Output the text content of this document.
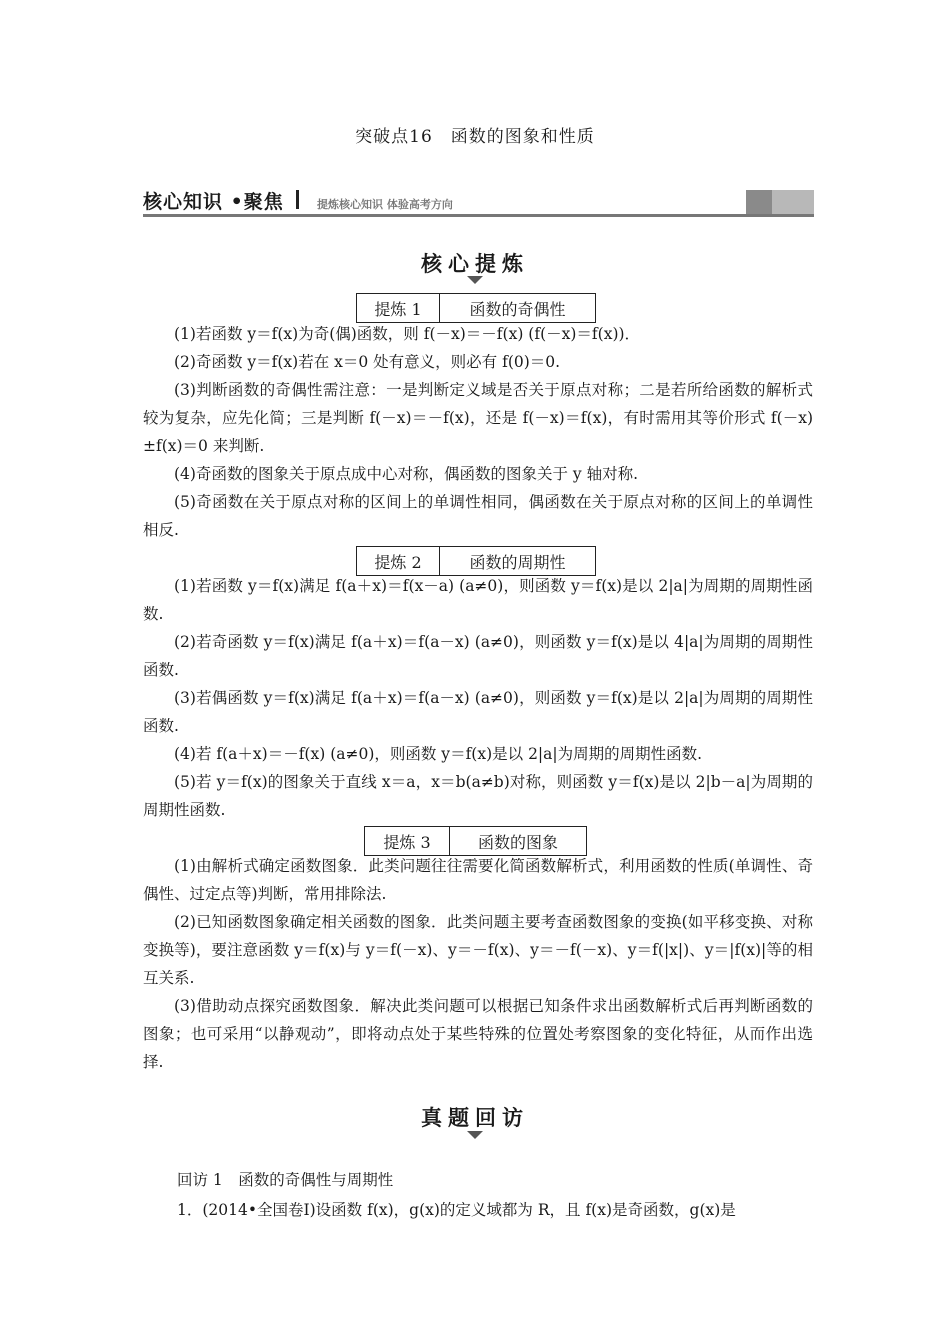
突破点16　函数的图象和性质
核心知识 •聚焦	提炼核心知识 体验高考方向
核心提炼
提炼 1	函数的奇偶性
(1)若函数 y＝f(x)为奇(偶)函数，则 f(－x)＝－f(x) (f(－x)＝f(x))．
(2)奇函数 y＝f(x)若在 x＝0 处有意义，则必有 f(0)＝0.
(3)判断函数的奇偶性需注意：一是判断定义域是否关于原点对称；二是若所给函数的解析式较为复杂，应先化简；三是判断 f(－x)＝－f(x)，还是 f(－x)＝f(x)，有时需用其等价形式 f(－x)±f(x)＝0 来判断.
(4)奇函数的图象关于原点成中心对称，偶函数的图象关于 y 轴对称.
(5)奇函数在关于原点对称的区间上的单调性相同，偶函数在关于原点对称的区间上的单调性相反.
提炼 2	函数的周期性
(1)若函数 y＝f(x)满足 f(a＋x)＝f(x－a) (a≠0)，则函数 y＝f(x)是以 2|a|为周期的周期性函数.
(2)若奇函数 y＝f(x)满足 f(a＋x)＝f(a－x) (a≠0)，则函数 y＝f(x)是以 4|a|为周期的周期性函数.
(3)若偶函数 y＝f(x)满足 f(a＋x)＝f(a－x) (a≠0)，则函数 y＝f(x)是以 2|a|为周期的周期性函数.
(4)若 f(a＋x)＝－f(x) (a≠0)，则函数 y＝f(x)是以 2|a|为周期的周期性函数.
(5)若 y＝f(x)的图象关于直线 x＝a，x＝b(a≠b)对称，则函数 y＝f(x)是以 2|b－a|为周期的周期性函数.
提炼 3	函数的图象
(1)由解析式确定函数图象．此类问题往往需要化简函数解析式，利用函数的性质(单调性、奇偶性、过定点等)判断，常用排除法.
(2)已知函数图象确定相关函数的图象．此类问题主要考查函数图象的变换(如平移变换、对称变换等)，要注意函数 y＝f(x)与 y＝f(－x)、y＝－f(x)、y＝－f(－x)、y＝f(|x|)、y＝|f(x)|等的相互关系.
(3)借助动点探究函数图象．解决此类问题可以根据已知条件求出函数解析式后再判断函数的图象；也可采用“以静观动”，即将动点处于某些特殊的位置处考察图象的变化特征，从而作出选择.
真题回访
回访 1　函数的奇偶性与周期性
1．(2014•全国卷Ⅰ)设函数 f(x)，g(x)的定义域都为 R，且 f(x)是奇函数，g(x)是
